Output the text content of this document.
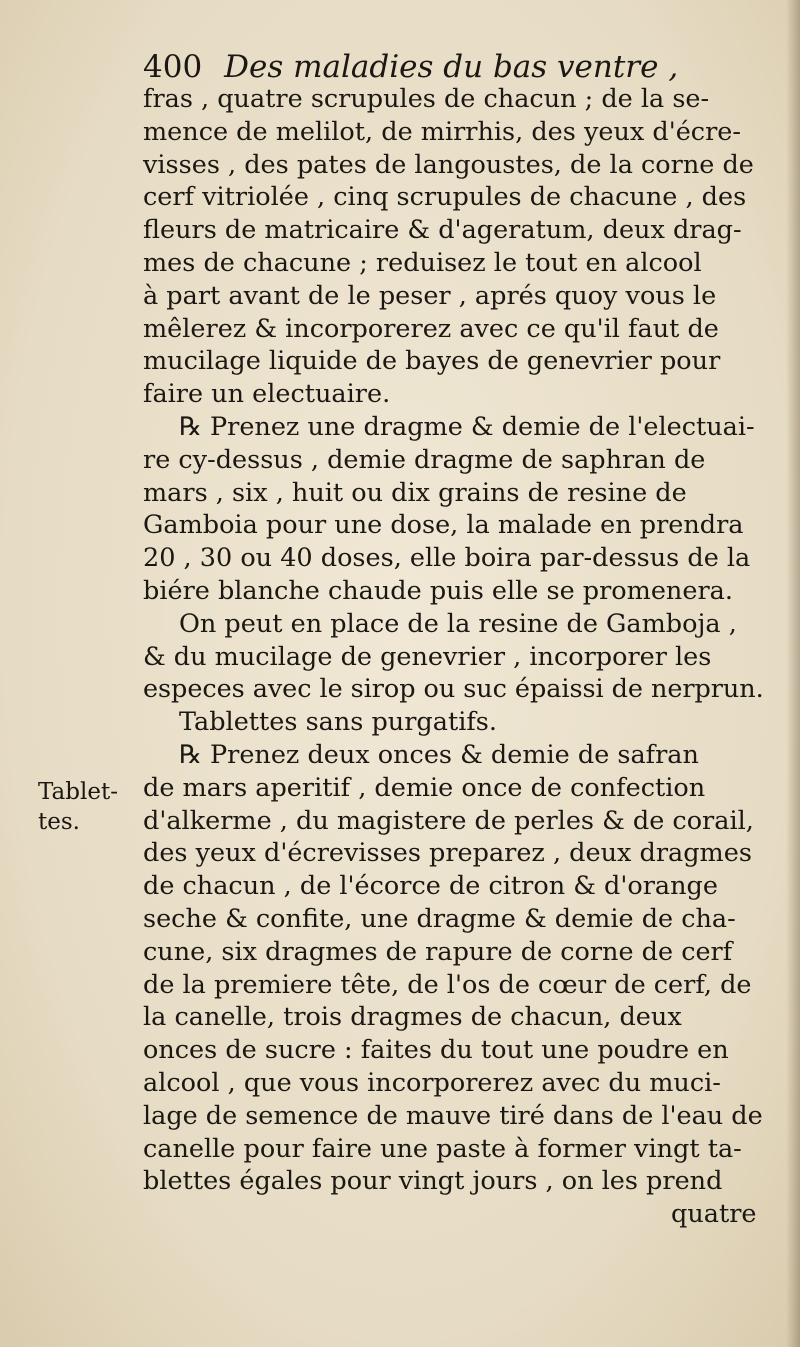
400 Des maladies du bas ventre ,
Tablet-
tes.
fras , quatre scrupules de chacun ; de la se-
mence de melilot, de mirrhis, des yeux d'écre-
visses , des pates de langoustes, de la corne de
cerf vitriolée , cinq scrupules de chacune , des
fleurs de matricaire & d'ageratum, deux drag-
mes de chacune ; reduisez le tout en alcool
à part avant de le peser , aprés quoy vous le
mêlerez & incorporerez avec ce qu'il faut de
mucilage liquide de bayes de genevrier pour
faire un electuaire.
℞ Prenez une dragme & demie de l'electuai-
re cy-dessus , demie dragme de saphran de
mars , six , huit ou dix grains de resine de
Gamboia pour une dose, la malade en prendra
20 , 30 ou 40 doses, elle boira par-dessus de la
biére blanche chaude puis elle se promenera.
On peut en place de la resine de Gamboja ,
& du mucilage de genevrier , incorporer les
especes avec le sirop ou suc épaissi de nerprun.
Tablettes sans purgatifs.
℞ Prenez deux onces & demie de safran
de mars aperitif , demie once de confection
d'alkerme , du magistere de perles & de corail,
des yeux d'écrevisses preparez , deux dragmes
de chacun , de l'écorce de citron & d'orange
seche & confite, une dragme & demie de cha-
cune, six dragmes de rapure de corne de cerf
de la premiere tête, de l'os de cœur de cerf, de
la canelle, trois dragmes de chacun, deux
onces de sucre : faites du tout une poudre en
alcool , que vous incorporerez avec du muci-
lage de semence de mauve tiré dans de l'eau de
canelle pour faire une paste à former vingt ta-
blettes égales pour vingt jours , on les prend
quatre
